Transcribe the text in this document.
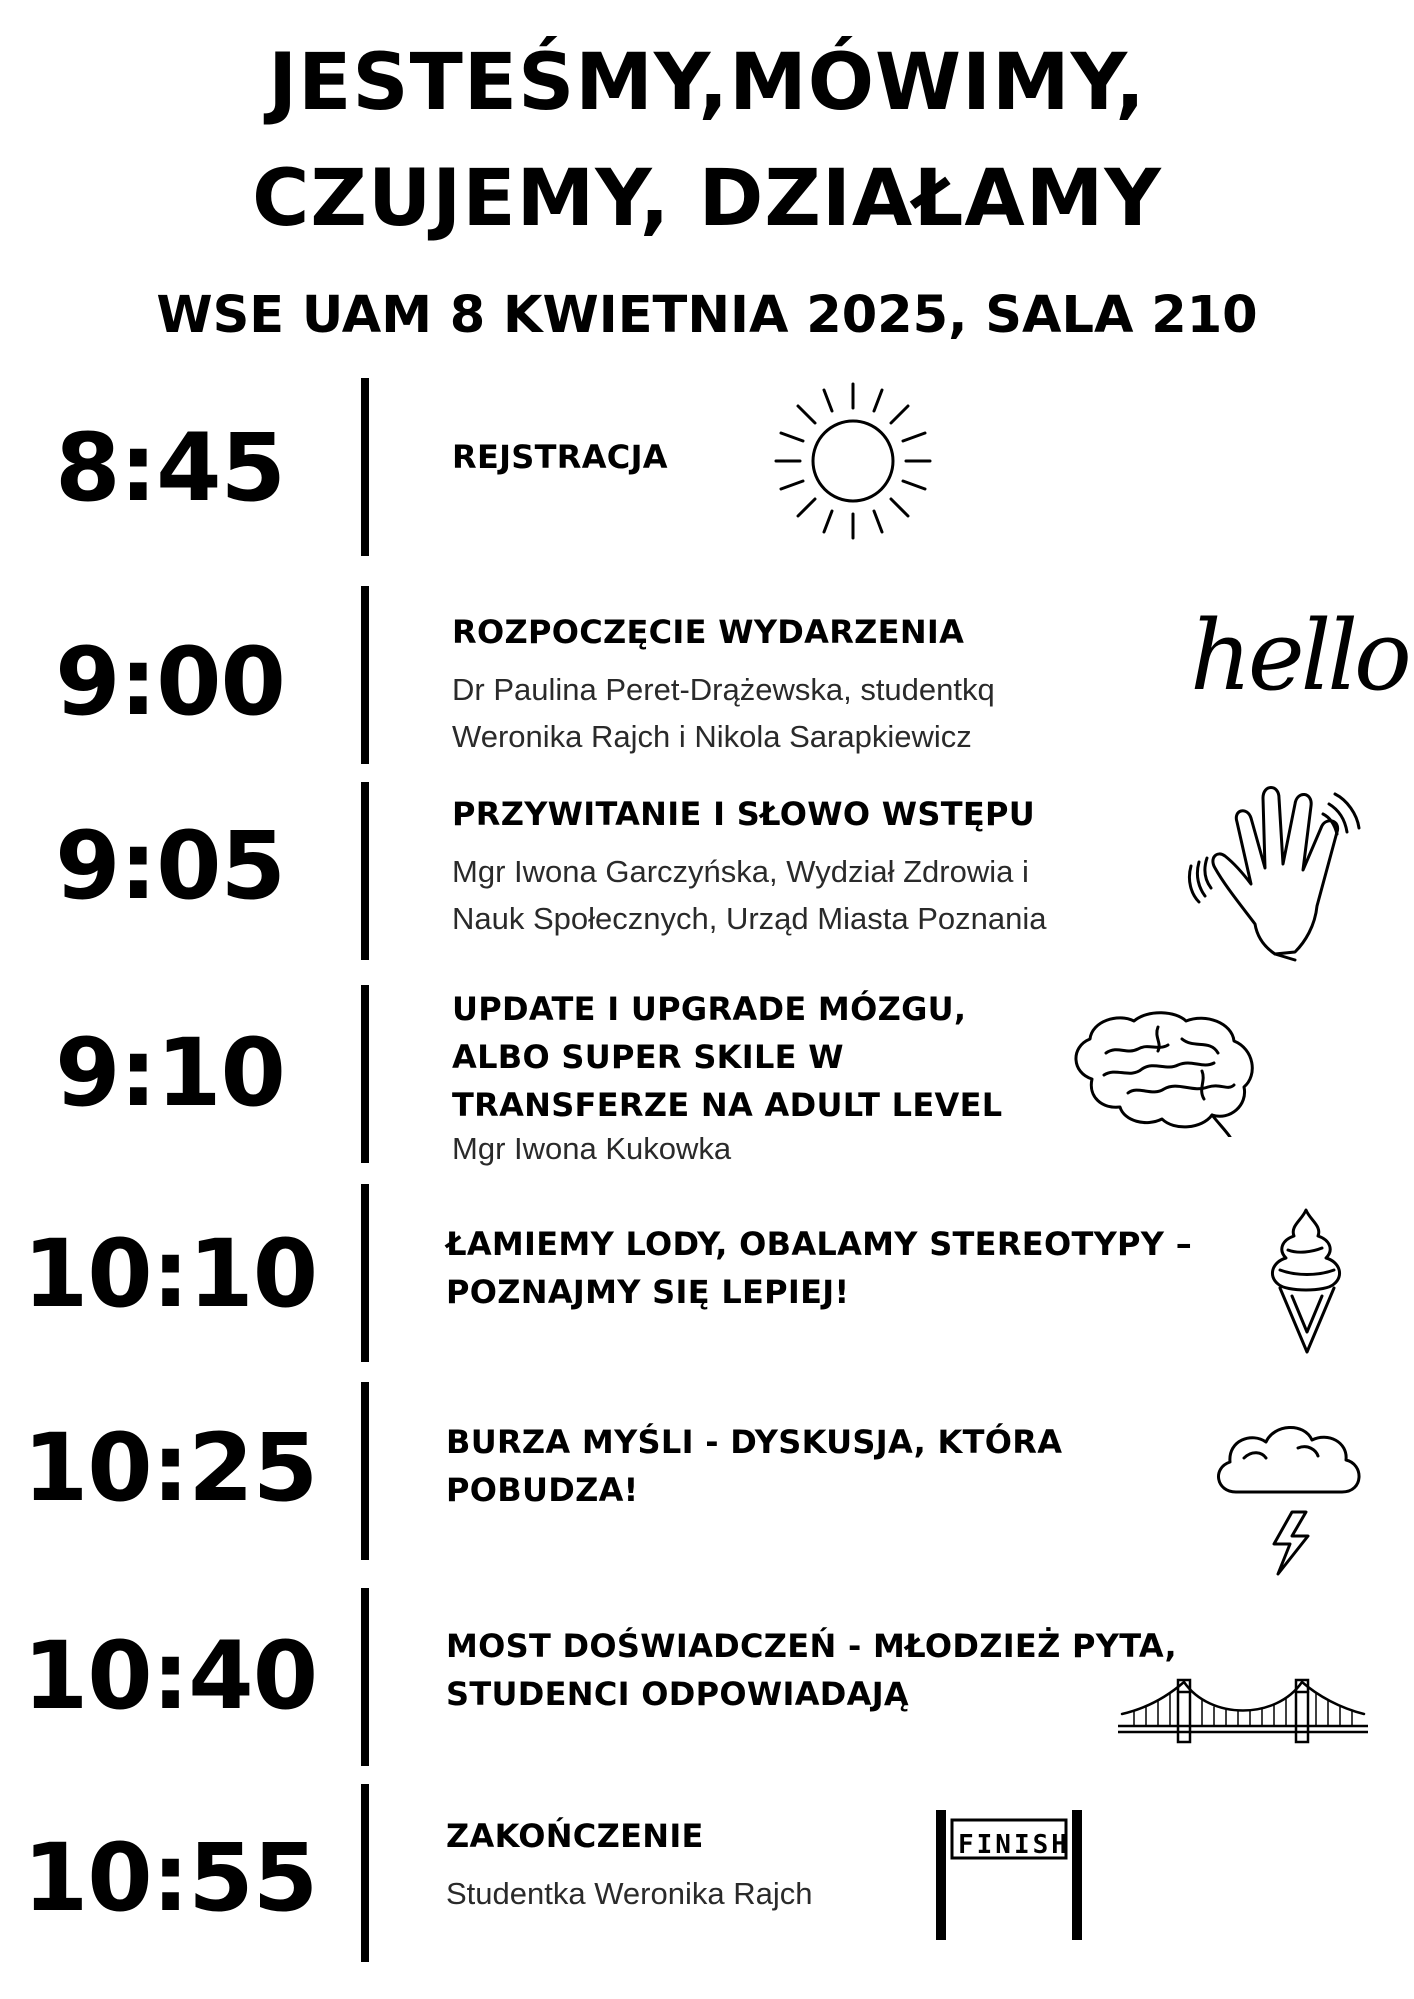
JESTEŚMY,MÓWIMY,
CZUJEMY, DZIAŁAMY
WSE UAM 8 KWIETNIA 2025, SALA 210
8:45	REJSTRACJA
9:00	ROZPOCZĘCIE WYDARZENIA
Dr Paulina Peret-Drążewska, studentkq
Weronika Rajch i Nikola Sarapkiewicz
hello
9:05	PRZYWITANIE I SŁOWO WSTĘPU
Mgr Iwona Garczyńska, Wydział Zdrowia i
Nauk Społecznych, Urząd Miasta Poznania
9:10
UPDATE I UPGRADE MÓZGU,
ALBO SUPER SKILE W
TRANSFERZE NA ADULT LEVEL
Mgr Iwona Kukowka
10:10	ŁAMIEMY LODY, OBALAMY STEREOTYPY –
POZNAJMY SIĘ LEPIEJ!
10:25	BURZA MYŚLI - DYSKUSJA, KTÓRA
POBUDZA!
10:40	MOST DOŚWIADCZEŃ - MŁODZIEŻ PYTA,
STUDENCI ODPOWIADAJĄ
10:55	ZAKOŃCZENIE
Studentka Weronika Rajch
FINISH
